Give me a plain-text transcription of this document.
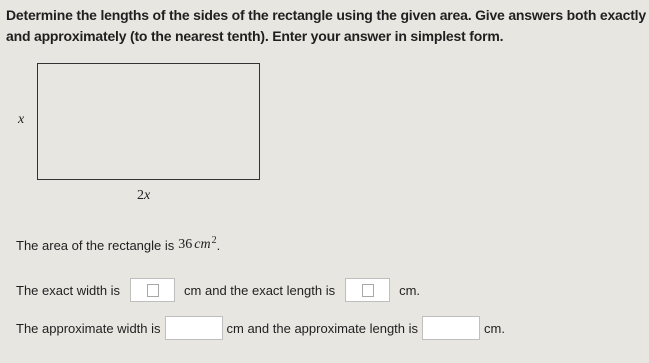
Determine the lengths of the sides of the rectangle using the given area. Give answers both exactly and approximately (to the nearest tenth). Enter your answer in simplest form.
x
2x
The area of the rectangle is 36 cm 2 .
The exact width is	cm and the exact length is	cm.
The approximate width is	cm and the approximate length is	cm.
